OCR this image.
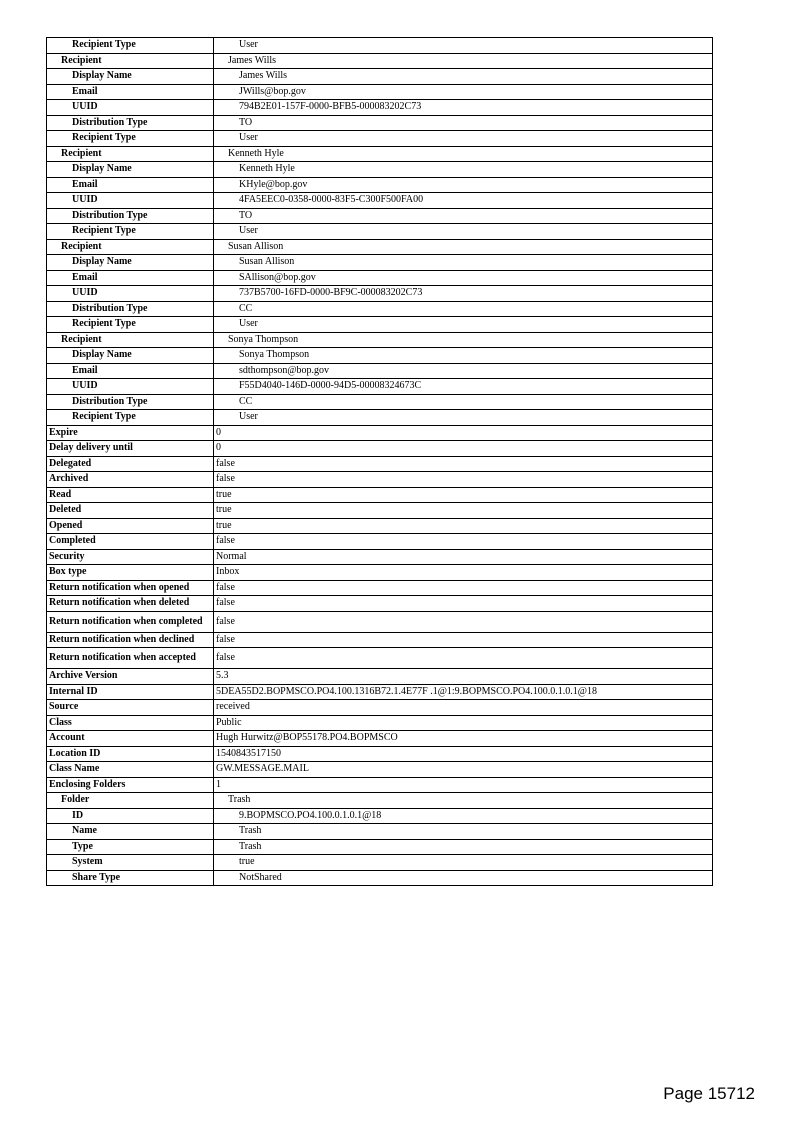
Recipient Type	User
Recipient	James Wills
Display Name	James Wills
Email	JWills@bop.gov
UUID	794B2E01-157F-0000-BFB5-000083202C73
Distribution Type	TO
Recipient Type	User
Recipient	Kenneth Hyle
Display Name	Kenneth Hyle
Email	KHyle@bop.gov
UUID	4FA5EEC0-0358-0000-83F5-C300F500FA00
Distribution Type	TO
Recipient Type	User
Recipient	Susan Allison
Display Name	Susan Allison
Email	SAllison@bop.gov
UUID	737B5700-16FD-0000-BF9C-000083202C73
Distribution Type	CC
Recipient Type	User
Recipient	Sonya Thompson
Display Name	Sonya Thompson
Email	sdthompson@bop.gov
UUID	F55D4040-146D-0000-94D5-00008324673C
Distribution Type	CC
Recipient Type	User
Expire	0
Delay delivery until	0
Delegated	false
Archived	false
Read	true
Deleted	true
Opened	true
Completed	false
Security	Normal
Box type	Inbox
Return notification when opened	false
Return notification when deleted	false
Return notification when completed	false
Return notification when declined	false
Return notification when accepted	false
Archive Version	5.3
Internal ID	5DEA55D2.BOPMSCO.PO4.100.1316B72.1.4E77F .1@1:9.BOPMSCO.PO4.100.0.1.0.1@18
Source	received
Class	Public
Account	Hugh Hurwitz@BOP55178.PO4.BOPMSCO
Location ID	1540843517150
Class Name	GW.MESSAGE.MAIL
Enclosing Folders	1
Folder	Trash
ID	9.BOPMSCO.PO4.100.0.1.0.1@18
Name	Trash
Type	Trash
System	true
Share Type	NotShared
Page 15712
